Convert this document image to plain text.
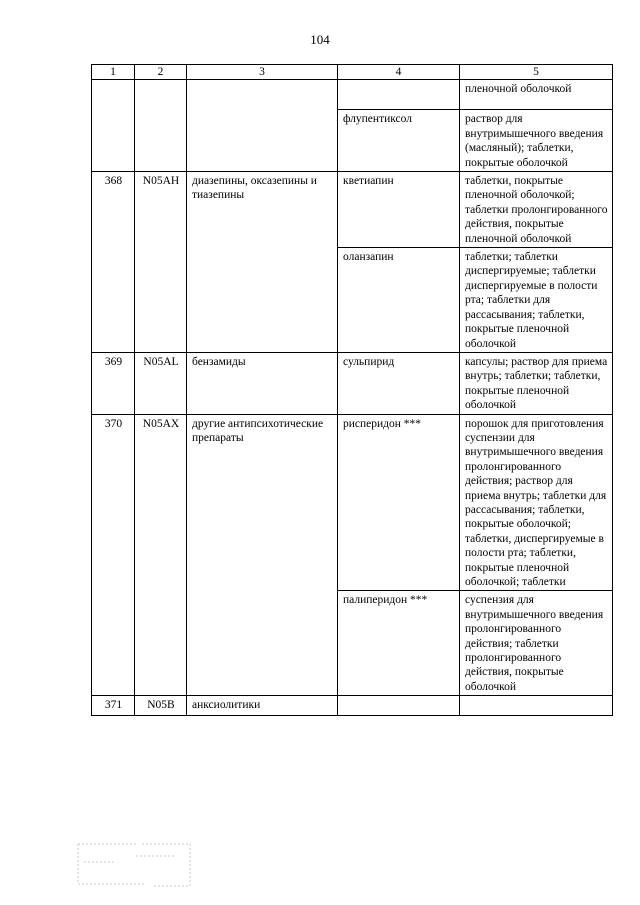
104
1	2	3	4	5
				пленочной оболочкой
			флупентиксол	раствор для внутримышечного введения (масляный); таблетки, покрытые оболочкой
368	N05AH	диазепины, оксазепины и тиазепины	кветиапин	таблетки, покрытые пленочной оболочкой; таблетки пролонгированного действия, покрытые пленочной оболочкой
			оланзапин	таблетки; таблетки диспергируемые; таблетки диспергируемые в полости рта; таблетки для рассасывания; таблетки, покрытые пленочной оболочкой
369	N05AL	бензамиды	сульпирид	капсулы; раствор для приема внутрь; таблетки; таблетки, покрытые пленочной оболочкой
370	N05AX	другие антипсихотические препараты	рисперидон ***	порошок для приготовления суспензии для внутримышечного введения пролонгированного действия; раствор для приема внутрь; таблетки для рассасывания; таблетки, покрытые оболочкой; таблетки, диспергируемые в полости рта; таблетки, покрытые пленочной оболочкой; таблетки
			палиперидон ***	суспензия для внутримышечного введения пролонгированного действия; таблетки пролонгированного действия, покрытые оболочкой
371	N05B	анксиолитики		
